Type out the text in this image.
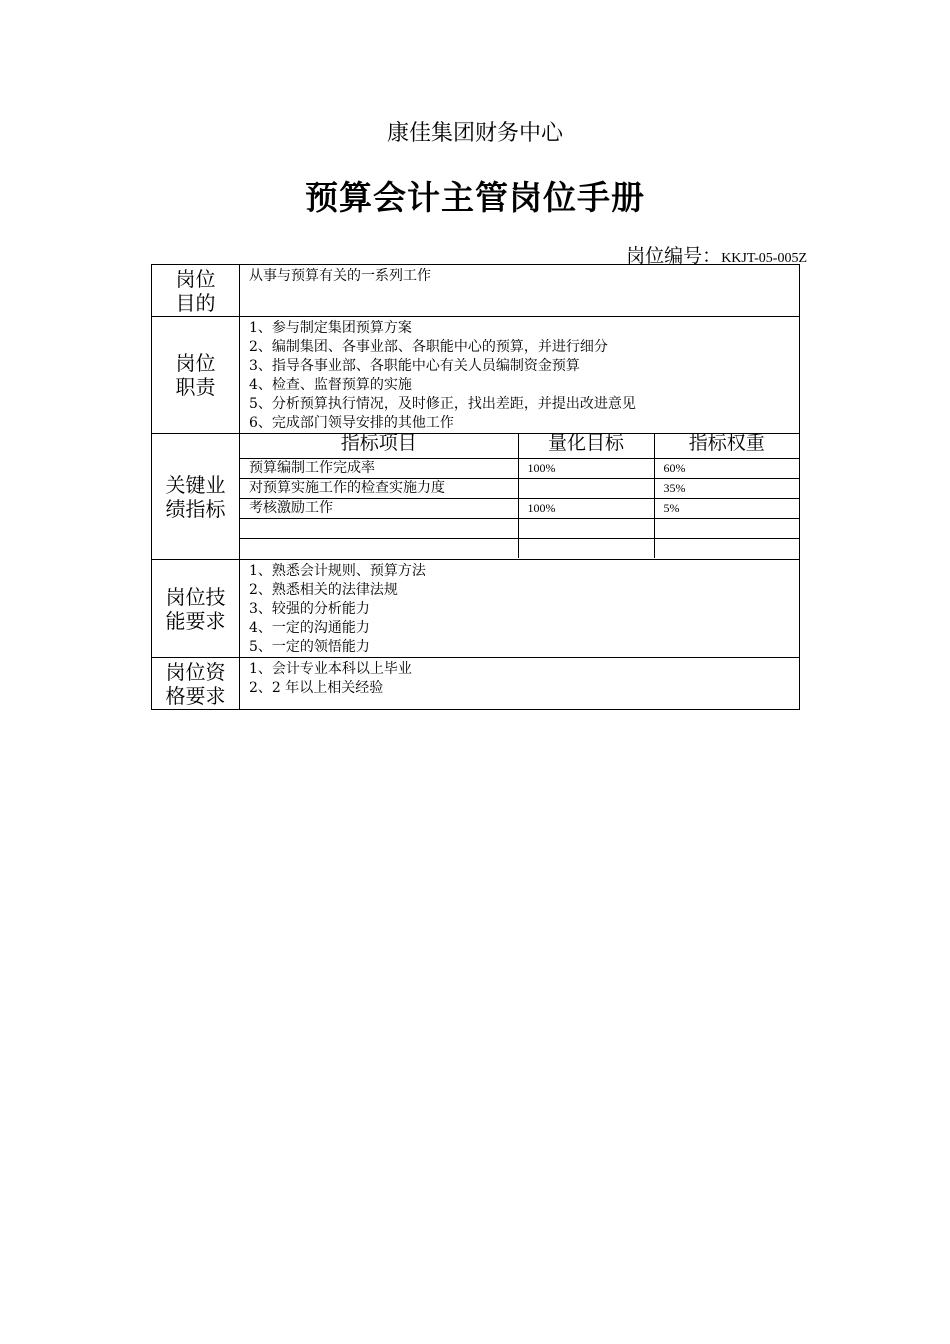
康佳集团财务中心
预算会计主管岗位手册
岗位编号：KKJT-05-005Z
岗位
目的

从事与预算有关的一系列工作

岗位
职责

1、参与制定集团预算方案
2、编制集团、各事业部、各职能中心的预算，并进行细分
3、指导各事业部、各职能中心有关人员编制资金预算
4、检查、监督预算的实施
5、分析预算执行情况，及时修正，找出差距，并提出改进意见
6、完成部门领导安排的其他工作

关键业
绩指标

指标项目	量化目标	指标权重
预算编制工作完成率	100%	60%
对预算实施工作的检查实施力度		35%
考核激励工作	100%	5%

岗位技
能要求

1、熟悉会计规则、预算方法
2、熟悉相关的法律法规
3、较强的分析能力
4、一定的沟通能力
5、一定的领悟能力

岗位资
格要求

1、会计专业本科以上毕业
2、2 年以上相关经验
